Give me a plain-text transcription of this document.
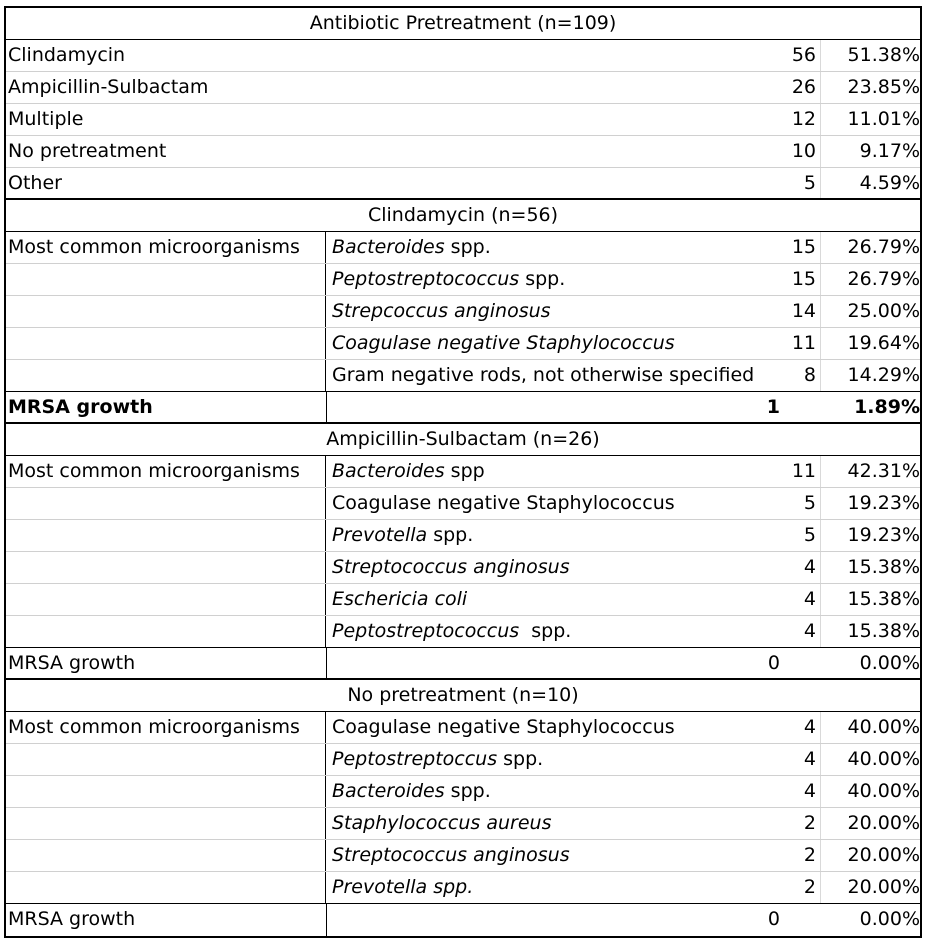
Antibiotic Pretreatment (n=109)
Clindamycin	56	51.38%
Ampicillin-Sulbactam	26	23.85%
Multiple	12	11.01%
No pretreatment	10	9.17%
Other	5	4.59%
Clindamycin (n=56)
Most common microorganisms	Bacteroides spp.	15	26.79%
Peptostreptococcus spp.	15	26.79%
Strepcoccus anginosus	14	25.00%
Coagulase negative Staphylococcus	11	19.64%
Gram negative rods, not otherwise specified	8	14.29%
MRSA growth	1	1.89%
Ampicillin-Sulbactam (n=26)
Most common microorganisms	Bacteroides spp	11	42.31%
Coagulase negative Staphylococcus	5	19.23%
Prevotella spp.	5	19.23%
Streptococcus anginosus	4	15.38%
Eschericia coli	4	15.38%
Peptostreptococcus  spp.	4	15.38%
MRSA growth	0	0.00%
No pretreatment (n=10)
Most common microorganisms	Coagulase negative Staphylococcus	4	40.00%
Peptostreptoccus spp.	4	40.00%
Bacteroides spp.	4	40.00%
Staphylococcus aureus	2	20.00%
Streptococcus anginosus	2	20.00%
Prevotella spp.	2	20.00%
MRSA growth	0	0.00%
